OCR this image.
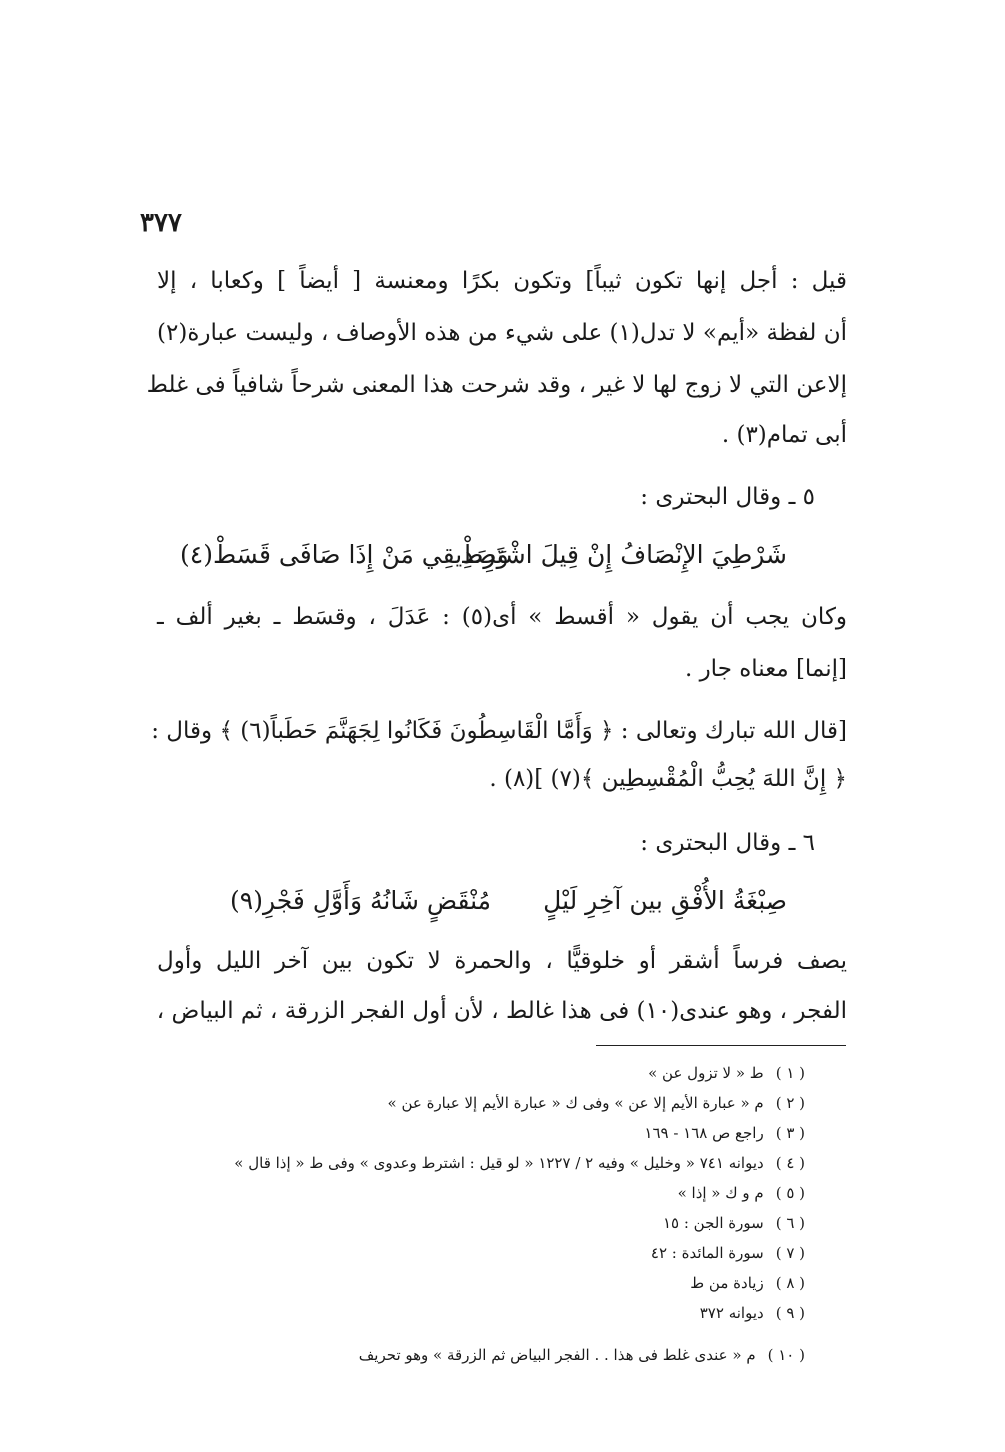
٣٧٧
قيل : أجل إنها تكون ثيباً] وتكون بكرًا ومعنسة [ أيضاً ] وكعابا ، إلا
أن لفظة «أيم» لا تدل(١) على شيء من هذه الأوصاف ، وليست عبارة(٢)
إلاعن التي لا زوج لها لا غير ، وقد شرحت هذا المعنى شرحاً شافياً فى غلط
أبى تمام(٣) .
٥ ـ وقال البحترى :
شَرْطِيَ الإِنْصَافُ إِنْ قِيلَ اشْتَرِطْ
وَصَدِيقِي مَنْ إِذَا صَافَى قَسَطْ(٤)
وكان يجب أن يقول « أقسط » أى(٥) : عَدَلَ ، وقسَط ـ بغير ألف ـ
[إنما] معناه جار .
[قال الله تبارك وتعالى : ﴿ وَأَمَّا الْقَاسِطُونَ فَكَانُوا لِجَهَنَّمَ حَطَباً(٦) ﴾ وقال :
﴿ إِنَّ اللهَ يُحِبُّ الْمُقْسِطِين ﴾(٧) ](٨) .
٦ ـ وقال البحترى :
صِبْغَةُ الأُفْقِ بين آخِرِ لَيْلٍ
مُنْقَضٍ شَانُهُ وَأَوَّلِ فَجْرِ(٩)
يصف فرساً أشقر أو خلوقيًّا ، والحمرة لا تكون بين آخر الليل وأول
الفجر ، وهو عندى(١٠) فى هذا غالط ، لأن أول الفجر الزرقة ، ثم البياض ،
( ١ )ط « لا تزول عن »
( ٢ )م « عبارة الأيم إلا عن » وفى ك « عبارة الأيم إلا عبارة عن »
( ٣ )راجع ص ١٦٨ - ١٦٩
( ٤ )ديوانه ٧٤١ « وخليل » وفيه ٢ / ١٢٢٧ « لو قيل : اشترط وعدوى » وفى ط « إذا قال »
( ٥ )م و ك « إذا »
( ٦ )سورة الجن : ١٥
( ٧ )سورة المائدة : ٤٢
( ٨ )زيادة من ط
( ٩ )ديوانه ٣٧٢
( ١٠ )م « عندى غلط فى هذا . . الفجر البياض ثم الزرقة » وهو تحريف
